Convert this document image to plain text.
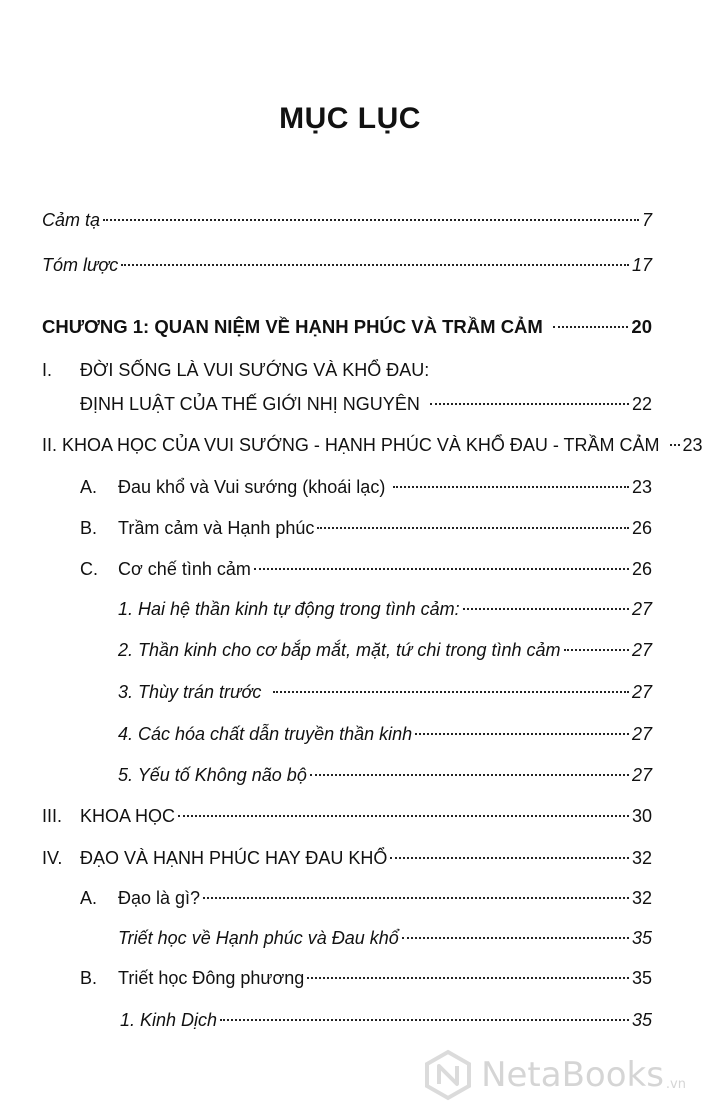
MỤC LỤC
Cảm tạ	7
Tóm lược	17
CHƯƠNG 1: QUAN NIỆM VỀ HẠNH PHÚC VÀ TRẦM CẢM	20
I.	ĐỜI SỐNG LÀ VUI SƯỚNG VÀ KHỔ ĐAU:
ĐỊNH LUẬT CỦA THẾ GIỚI NHỊ NGUYÊN	22
II. KHOA HỌC CỦA VUI SƯỚNG - HẠNH PHÚC VÀ KHỔ ĐAU - TRẦM CẢM 23
A.	Đau khổ và Vui sướng (khoái lạc)	23
B.	Trầm cảm và Hạnh phúc	26
C.	Cơ chế tình cảm	26
1. Hai hệ thần kinh tự động trong tình cảm:	27
2. Thần kinh cho cơ bắp mắt, mặt, tứ chi trong tình cảm	27
3. Thùy trán trước	27
4. Các hóa chất dẫn truyền thần kinh	27
5. Yếu tố Không não bộ	27
III. KHOA HỌC	30
IV. ĐẠO VÀ HẠNH PHÚC HAY ĐAU KHỔ	32
A.	Đạo là gì?	32
Triết học về Hạnh phúc và Đau khổ	35
B.	Triết học Đông phương	35
1. Kinh Dịch	35
NetaBooks .vn
